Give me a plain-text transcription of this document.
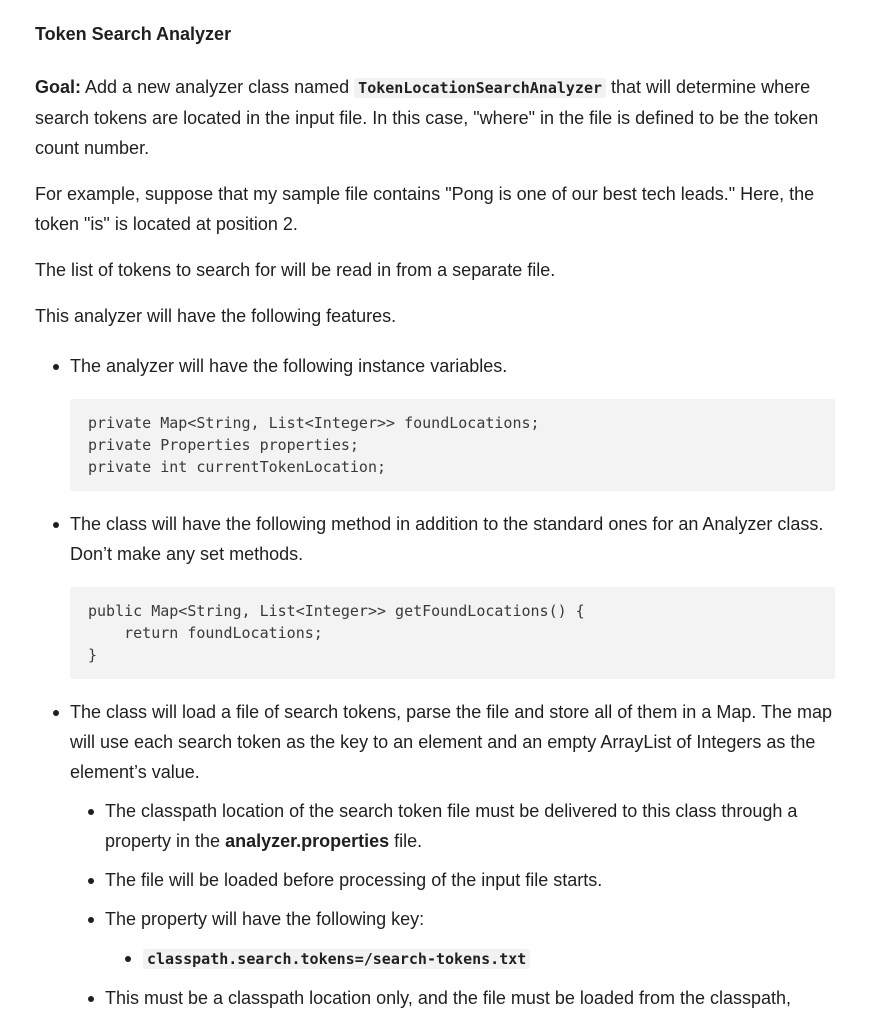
Token Search Analyzer

Goal: Add a new analyzer class named TokenLocationSearchAnalyzer that will determine where search tokens are located in the input file. In this case, "where" in the file is defined to be the token count number.

For example, suppose that my sample file contains "Pong is one of our best tech leads." Here, the token "is" is located at position 2.

The list of tokens to search for will be read in from a separate file.

This analyzer will have the following features.

The analyzer will have the following instance variables.
private Map<String, List<Integer>> foundLocations;
private Properties properties;
private int currentTokenLocation;
The class will have the following method in addition to the standard ones for an Analyzer class. Don’t make any set methods.
public Map<String, List<Integer>> getFoundLocations() {
return foundLocations;
}
The class will load a file of search tokens, parse the file and store all of them in a Map. The map will use each search token as the key to an element and an empty ArrayList of Integers as the element’s value.
The classpath location of the search token file must be delivered to this class through a property in the analyzer.properties file.
The file will be loaded before processing of the input file starts.
The property will have the following key:
classpath.search.tokens=/search-tokens.txt
This must be a classpath location only, and the file must be loaded from the classpath,
